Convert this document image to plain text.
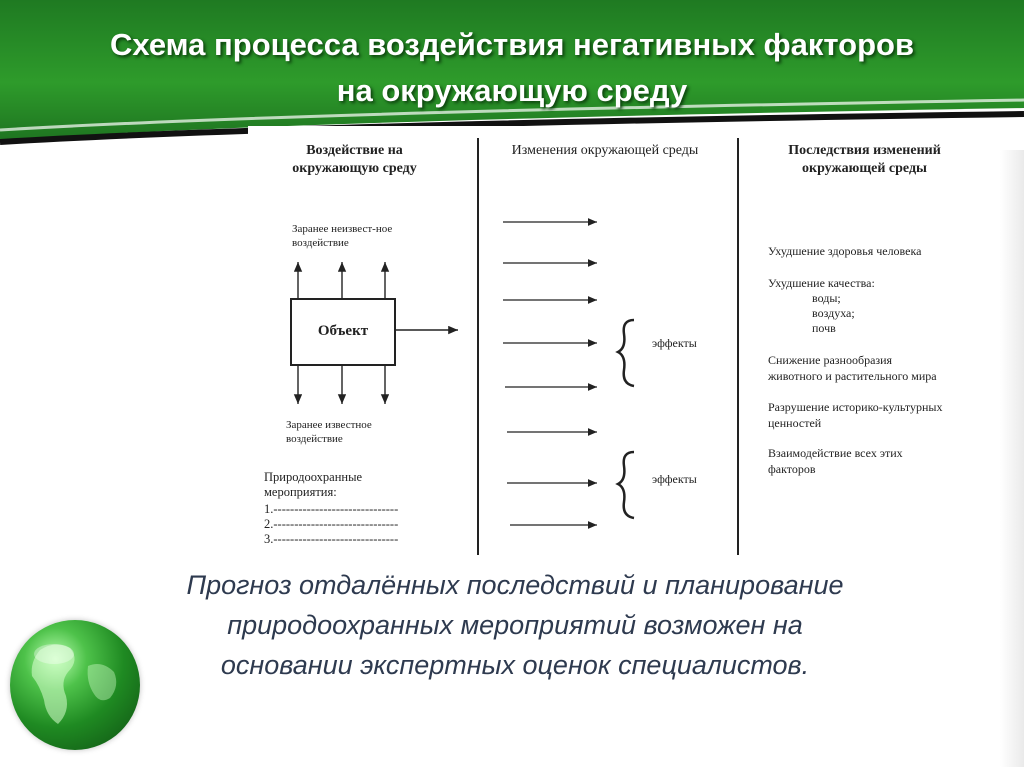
Схема процесса воздействия негативных факторов
на окружающую среду
Воздействие на окружающую среду
Изменения окружающей среды	Последствия изменений окружающей среды
Заранее неизвест-ное воздействие
Объект
Заранее известное воздействие
Природоохранные мероприятия:
1.------------------------------
2.------------------------------
3.------------------------------
эффекты
эффекты
Ухудшение здоровья человека
Ухудшение качества:
воды;
воздуха;
почв
Снижение разнообразия
животного и растительного мира
Разрушение историко-культурных
ценностей
Взаимодействие всех этих
факторов
Прогноз отдалённых последствий и планирование
природоохранных мероприятий возможен на
основании экспертных оценок специалистов.
